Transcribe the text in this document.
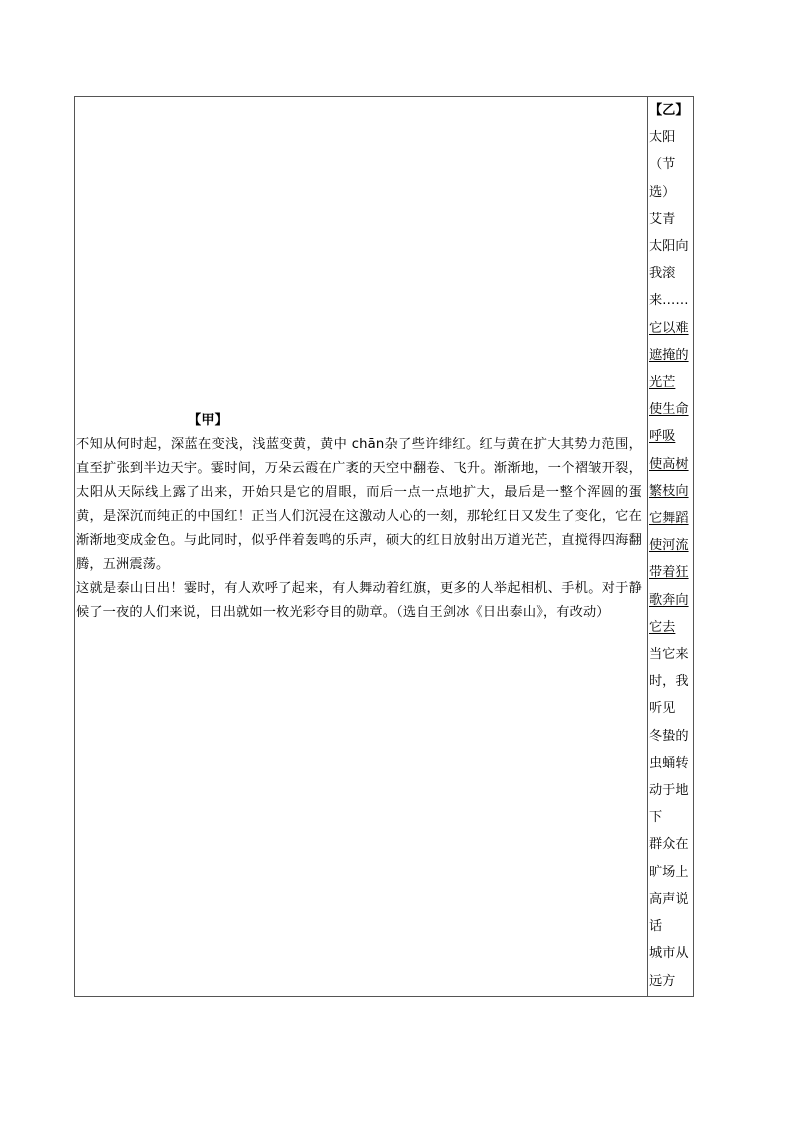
【甲】

不知从何时起，深蓝在变浅，浅蓝变黄，黄中 chān杂了些许绯红。红与黄在扩大其势力范围，直至扩张到半边天宇。霎时间，万朵云霞在广袤的天空中翻卷、飞升。渐渐地，一个褶皱开裂，太阳从天际线上露了出来，开始只是它的眉眼，而后一点一点地扩大，最后是一整个浑圆的蛋黄，是深沉而纯正的中国红！正当人们沉浸在这激动人心的一刻，那轮红日又发生了变化，它在渐渐地变成金色。与此同时，似乎伴着轰鸣的乐声，硕大的红日放射出万道光芒，直搅得四海翻腾，五洲震荡。

这就是泰山日出！霎时，有人欢呼了起来，有人舞动着红旗，更多的人举起相机、手机。对于静候了一夜的人们来说，日出就如一枚光彩夺目的勋章。（选自王剑冰《日出泰山》，有改动）

【乙】
太阳
（节
选）
艾青
太阳向
我滚
来……
它以难
遮掩的
光芒
使生命
呼吸
使高树
繁枝向
它舞蹈
使河流
带着狂
歌奔向
它去
当它来
时，我
听见
冬蛰的
虫蛹转
动于地
下
群众在
旷场上
高声说
话
城市从
远方
